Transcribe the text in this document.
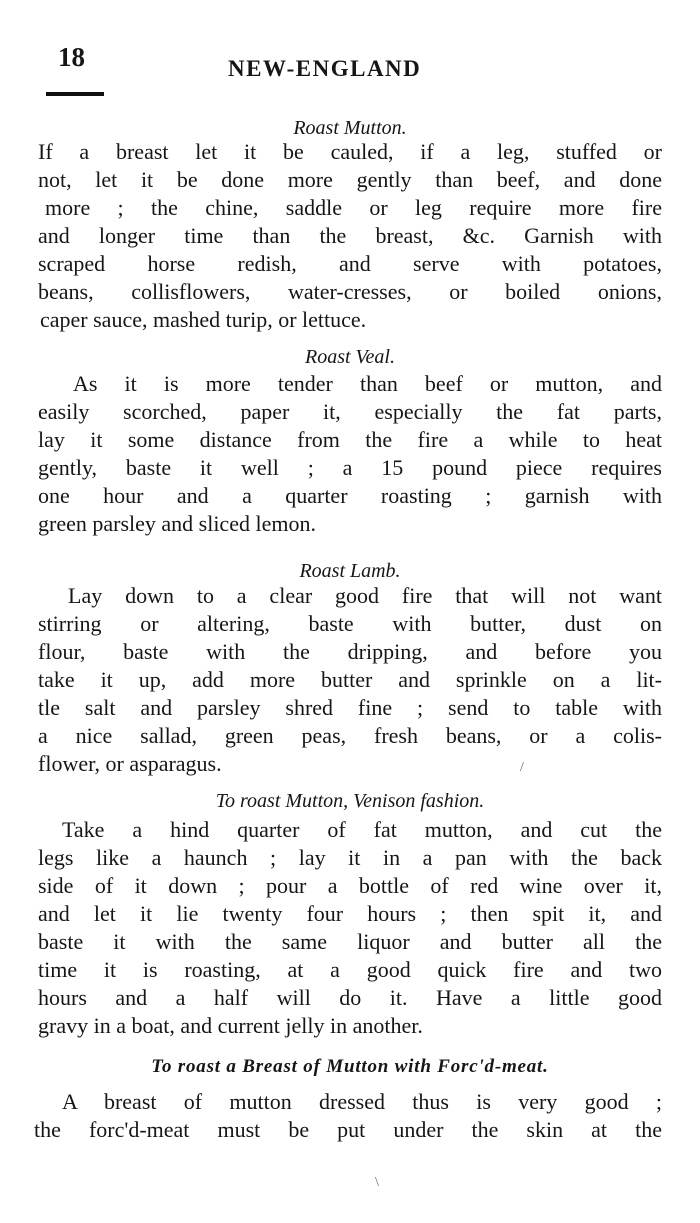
18	NEW-ENGLAND
Roast Mutton.
If a breast let it be cauled, if a leg, stuffed or
not, let it be done more gently than beef, and done
more ; the chine, saddle or leg require more fire
and longer time than the breast, &c. Garnish with
scraped horse redish, and serve with potatoes,
beans, collisflowers, water-cresses, or boiled onions,
caper sauce, mashed turip, or lettuce.
Roast Veal.
As it is more tender than beef or mutton, and
easily scorched, paper it, especially the fat parts,
lay it some distance from the fire a while to heat
gently, baste it well ; a 15 pound piece requires
one hour and a quarter roasting ; garnish with
green parsley and sliced lemon.
Roast Lamb.
Lay down to a clear good fire that will not want
stirring or altering, baste with butter, dust on
flour, baste with the dripping, and before you
take it up, add more butter and sprinkle on a lit-
tle salt and parsley shred fine ; send to table with
a nice sallad, green peas, fresh beans, or a colis-
flower, or asparagus.
To roast Mutton, Venison fashion.
Take a hind quarter of fat mutton, and cut the
legs like a haunch ; lay it in a pan with the back
side of it down ; pour a bottle of red wine over it,
and let it lie twenty four hours ; then spit it, and
baste it with the same liquor and butter all the
time it is roasting, at a good quick fire and two
hours and a half will do it. Have a little good
gravy in a boat, and current jelly in another.
To roast a Breast of Mutton with Forc'd-meat.
A breast of mutton dressed thus is very good ;
the forc'd-meat must be put under the skin at the
/
\
